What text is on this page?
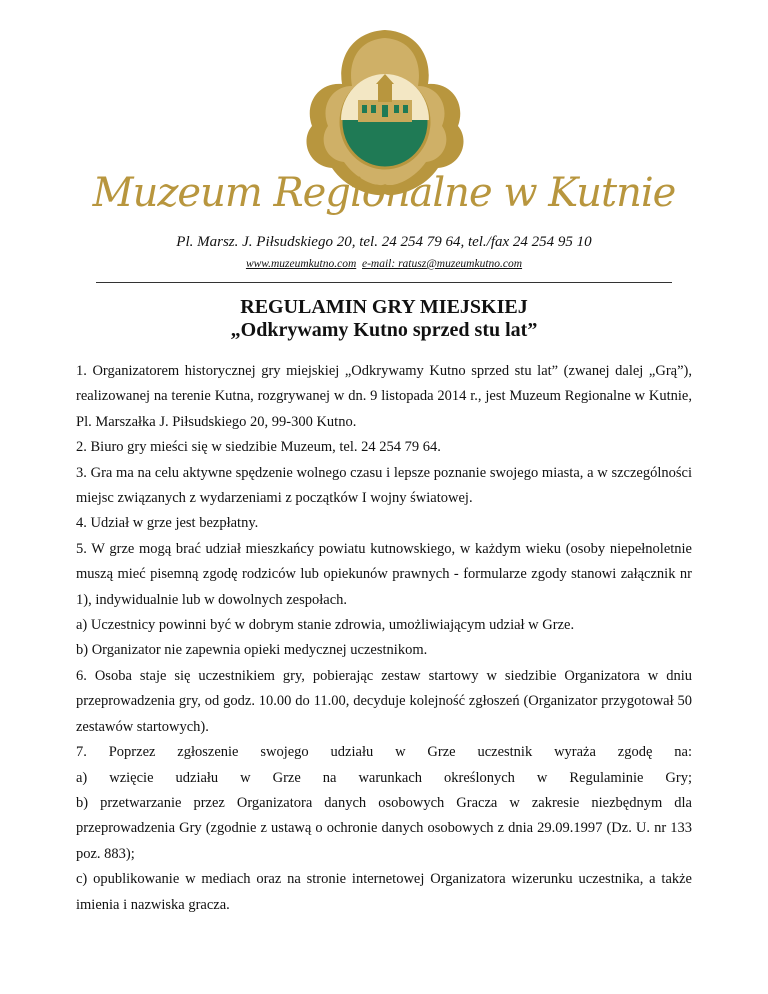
Muzeum Regionalne w Kutnie
Pl. Marsz. J. Piłsudskiego 20, tel. 24 254 79 64, tel./fax 24 254 95 10
www.muzeumkutno.com e-mail: ratusz@muzeumkutno.com
REGULAMIN GRY MIEJSKIEJ
„Odkrywamy Kutno sprzed stu lat”

1. Organizatorem historycznej gry miejskiej „Odkrywamy Kutno sprzed stu lat” (zwanej dalej „Grą”), realizowanej na terenie Kutna, rozgrywanej w dn. 9 listopada 2014 r., jest Muzeum Regionalne w Kutnie, Pl. Marszałka J. Piłsudskiego 20, 99-300 Kutno.

2. Biuro gry mieści się w siedzibie Muzeum, tel. 24 254 79 64.

3. Gra ma na celu aktywne spędzenie wolnego czasu i lepsze poznanie swojego miasta, a w szczególności miejsc związanych z wydarzeniami z początków I wojny światowej.

4. Udział w grze jest bezpłatny.

5. W grze mogą brać udział mieszkańcy powiatu kutnowskiego, w każdym wieku (osoby niepełnoletnie muszą mieć pisemną zgodę rodziców lub opiekunów prawnych - formularze zgody stanowi załącznik nr 1), indywidualnie lub w dowolnych zespołach.

a) Uczestnicy powinni być w dobrym stanie zdrowia, umożliwiającym udział w Grze.

b) Organizator nie zapewnia opieki medycznej uczestnikom.

6. Osoba staje się uczestnikiem gry, pobierając zestaw startowy w siedzibie Organizatora w dniu przeprowadzenia gry, od godz. 10.00 do 11.00, decyduje kolejność zgłoszeń (Organizator przygotował 50 zestawów startowych).

7. Poprzez zgłoszenie swojego udziału w Grze uczestnik wyraża zgodę na:

a) wzięcie udziału w Grze na warunkach określonych w Regulaminie Gry;

b) przetwarzanie przez Organizatora danych osobowych Gracza w zakresie niezbędnym dla przeprowadzenia Gry (zgodnie z ustawą o ochronie danych osobowych z dnia 29.09.1997 (Dz. U. nr 133 poz. 883);

c) opublikowanie w mediach oraz na stronie internetowej Organizatora wizerunku uczestnika, a także imienia i nazwiska gracza.
